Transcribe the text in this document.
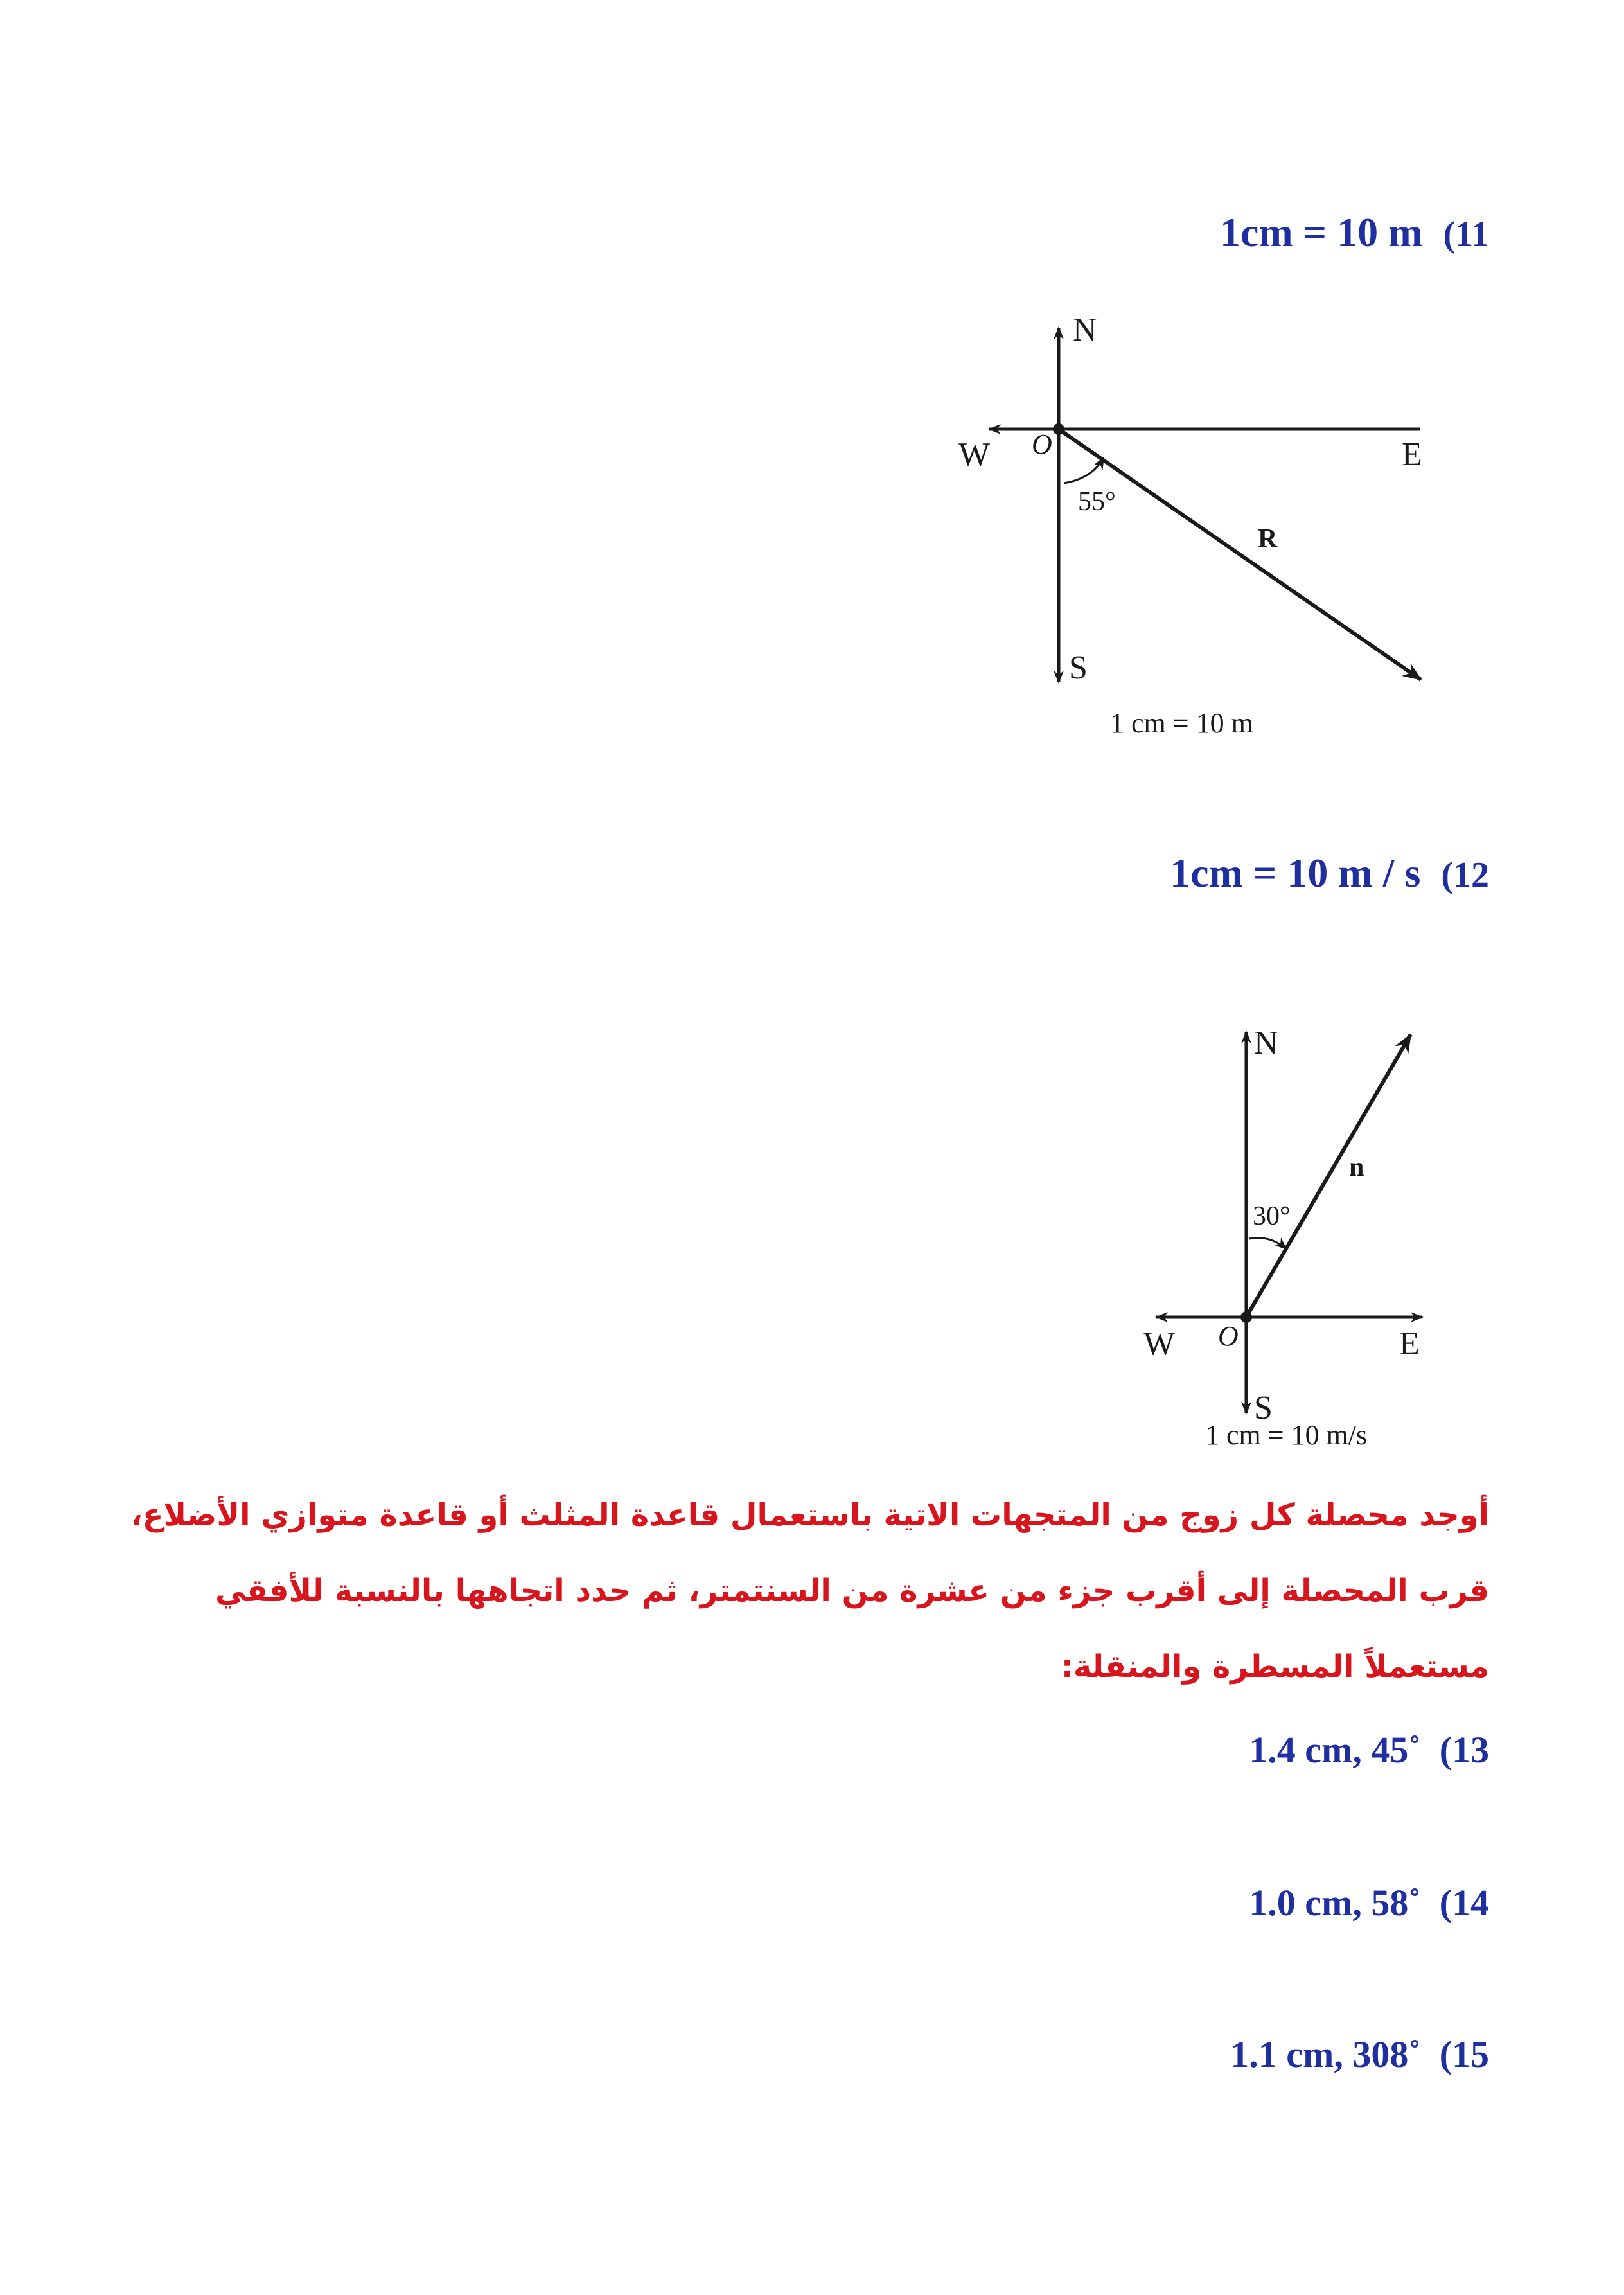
1cm = 10 m (11
N
S
W	E
O
55°
R
1 cm = 10 m
N
S
W	E
O
30°
n
1 cm = 10 m/s
1cm = 10 m / s (12
أوجد محصلة كل زوج من المتجهات الاتية باستعمال قاعدة المثلث أو قاعدة متوازي الأضلاع،
قرب المحصلة إلى أقرب جزء من عشرة من السنتمتر، ثم حدد اتجاهها بالنسبة للأفقي
مستعملاً المسطرة والمنقلة:
1.4 cm, 45˚ (13
1.0 cm, 58˚ (14
1.1 cm, 308˚ (15
